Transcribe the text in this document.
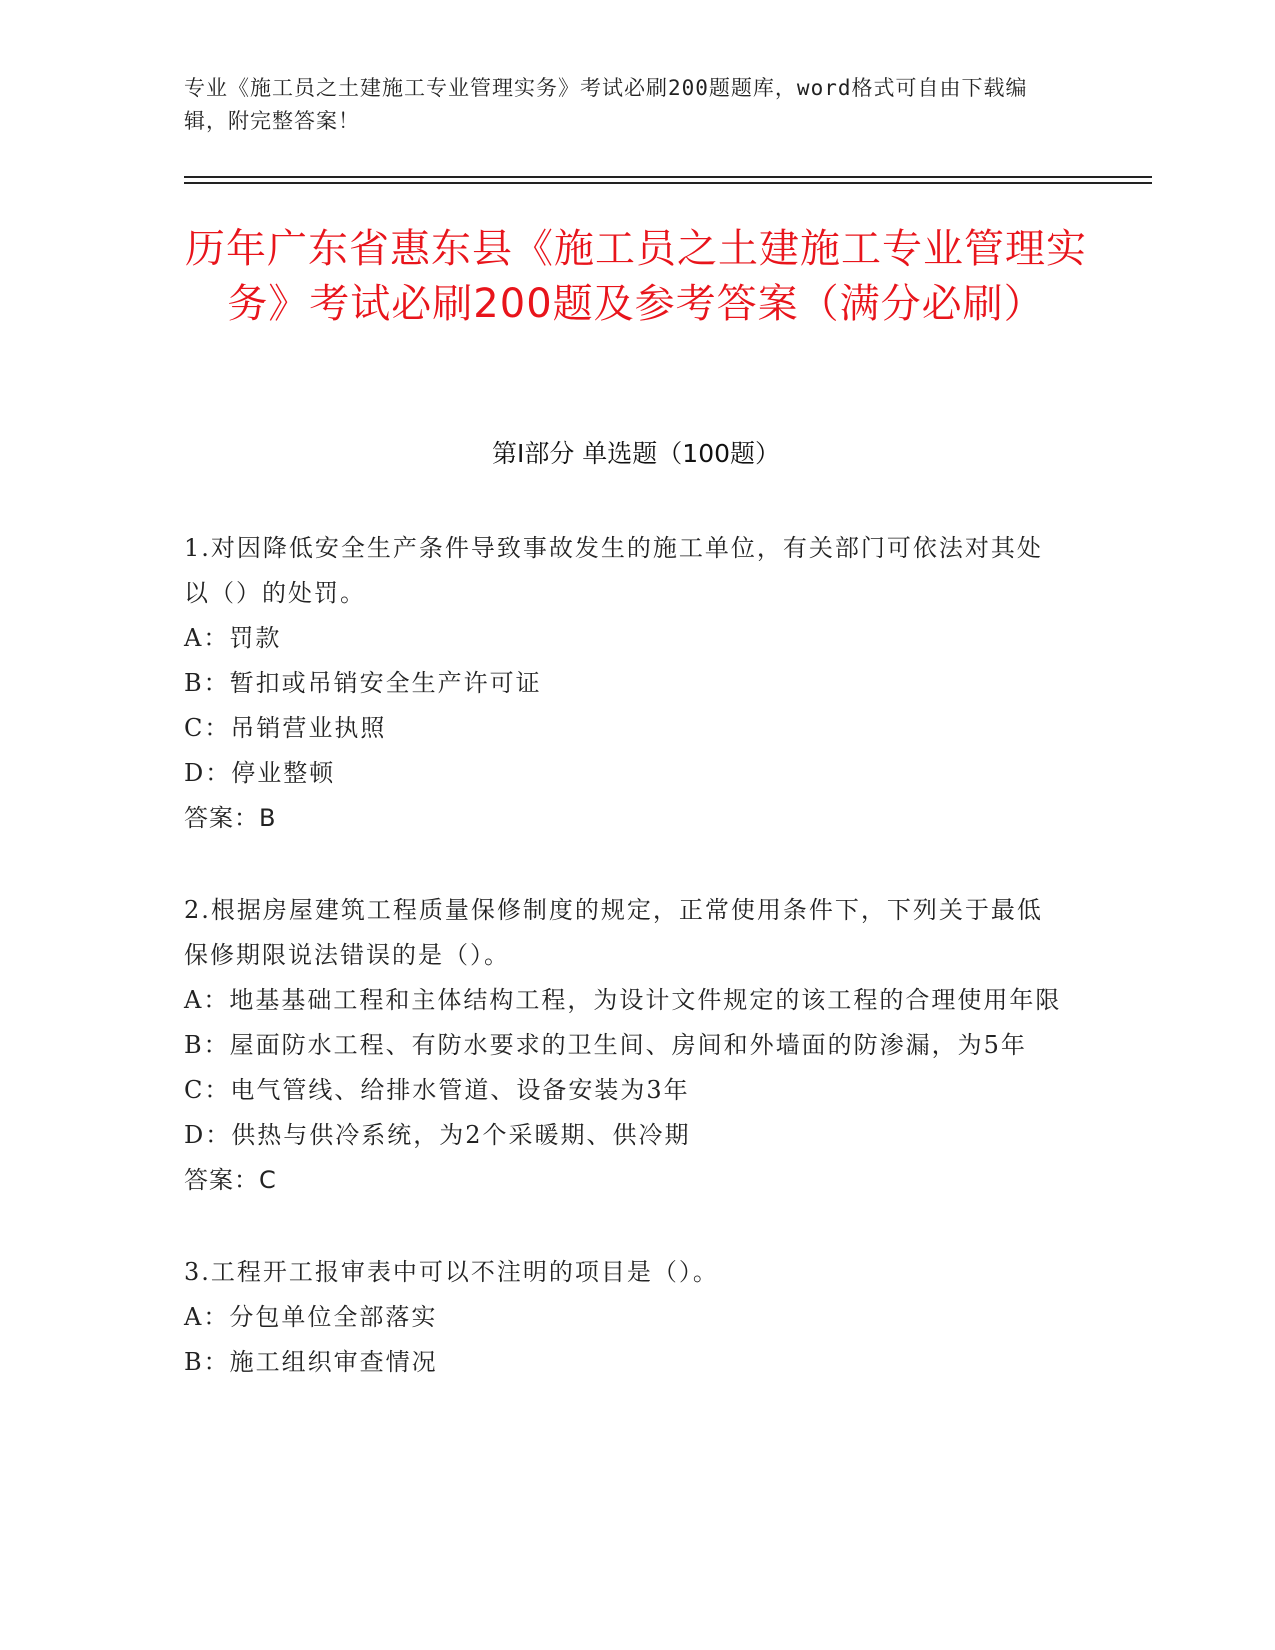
专业《施工员之土建施工专业管理实务》考试必刷200题题库，word格式可自由下载编辑，附完整答案！
历年广东省惠东县《施工员之土建施工专业管理实务》考试必刷200题及参考答案（满分必刷）
第Ⅰ部分 单选题（100题）

1.对因降低安全生产条件导致事故发生的施工单位，有关部门可依法对其处以（）的处罚。

A：罚款

B：暂扣或吊销安全生产许可证

C：吊销营业执照

D：停业整顿

答案：B

2.根据房屋建筑工程质量保修制度的规定，正常使用条件下，下列关于最低保修期限说法错误的是（）。

A：地基基础工程和主体结构工程，为设计文件规定的该工程的合理使用年限

B：屋面防水工程、有防水要求的卫生间、房间和外墙面的防渗漏，为5年

C：电气管线、给排水管道、设备安装为3年

D：供热与供冷系统，为2个采暖期、供冷期

答案：C

3.工程开工报审表中可以不注明的项目是（）。

A：分包单位全部落实

B：施工组织审查情况
